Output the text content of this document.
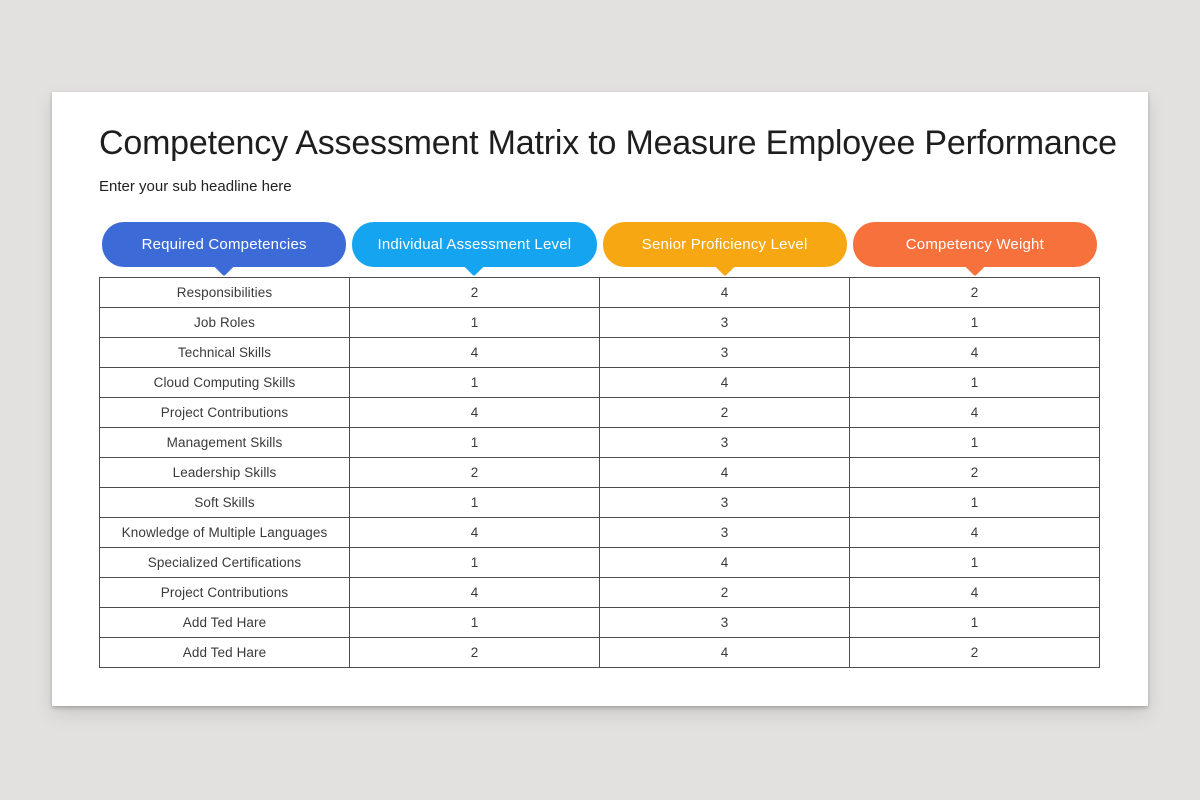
Competency Assessment Matrix to Measure Employee Performance
Enter your sub headline here
Required Competencies	Individual Assessment Level	Senior Proficiency Level	Competency Weight
Responsibilities	2	4	2
Job Roles	1	3	1
Technical Skills	4	3	4
Cloud Computing Skills	1	4	1
Project Contributions	4	2	4
Management Skills	1	3	1
Leadership Skills	2	4	2
Soft Skills	1	3	1
Knowledge of Multiple Languages	4	3	4
Specialized Certifications	1	4	1
Project Contributions	4	2	4
Add Ted Hare	1	3	1
Add Ted Hare	2	4	2
